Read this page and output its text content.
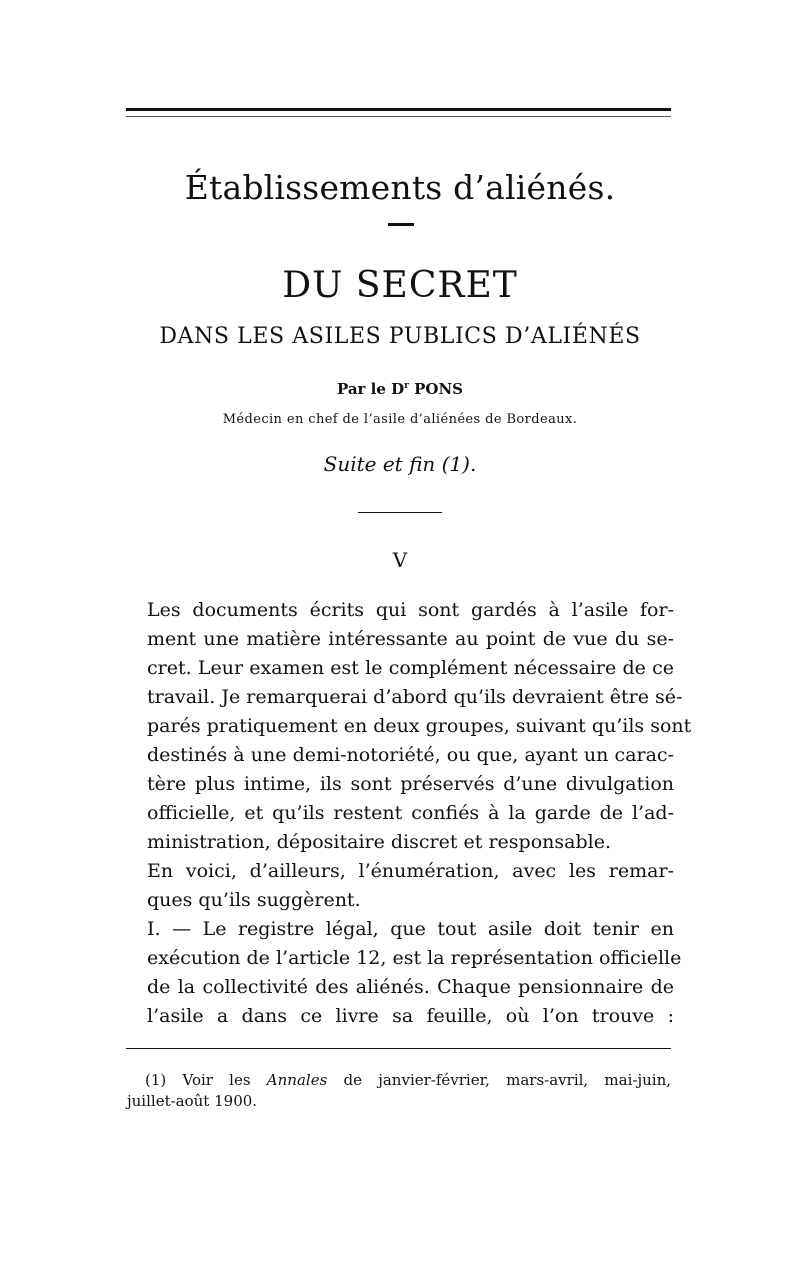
Établissements d’aliénés.
DU SECRET
DANS LES ASILES PUBLICS D’ALIÉNÉS
Par le $D^r$ PONS
Médecin en chef de l’asile d’aliénées de Bordeaux.
Suite et fin (1).
V
Les documents écrits qui sont gardés à l’asile for-
ment une matière intéressante au point de vue du se-
cret. Leur examen est le complément nécessaire de ce
travail. Je remarquerai d’abord qu’ils devraient être sé-
parés pratiquement en deux groupes, suivant qu’ils sont
destinés à une demi-notoriété, ou que, ayant un carac-
tère plus intime, ils sont préservés d’une divulgation
officielle, et qu’ils restent confiés à la garde de l’ad-
ministration, dépositaire discret et responsable.
En voici, d’ailleurs, l’énumération, avec les remar-
ques qu’ils suggèrent.
I. — Le registre légal, que tout asile doit tenir en
exécution de l’article 12, est la représentation officielle
de la collectivité des aliénés. Chaque pensionnaire de
l’asile a dans ce livre sa feuille, où l’on trouve :
(1) Voir les Annales de janvier-février, mars-avril, mai-juin,
juillet-août 1900.
